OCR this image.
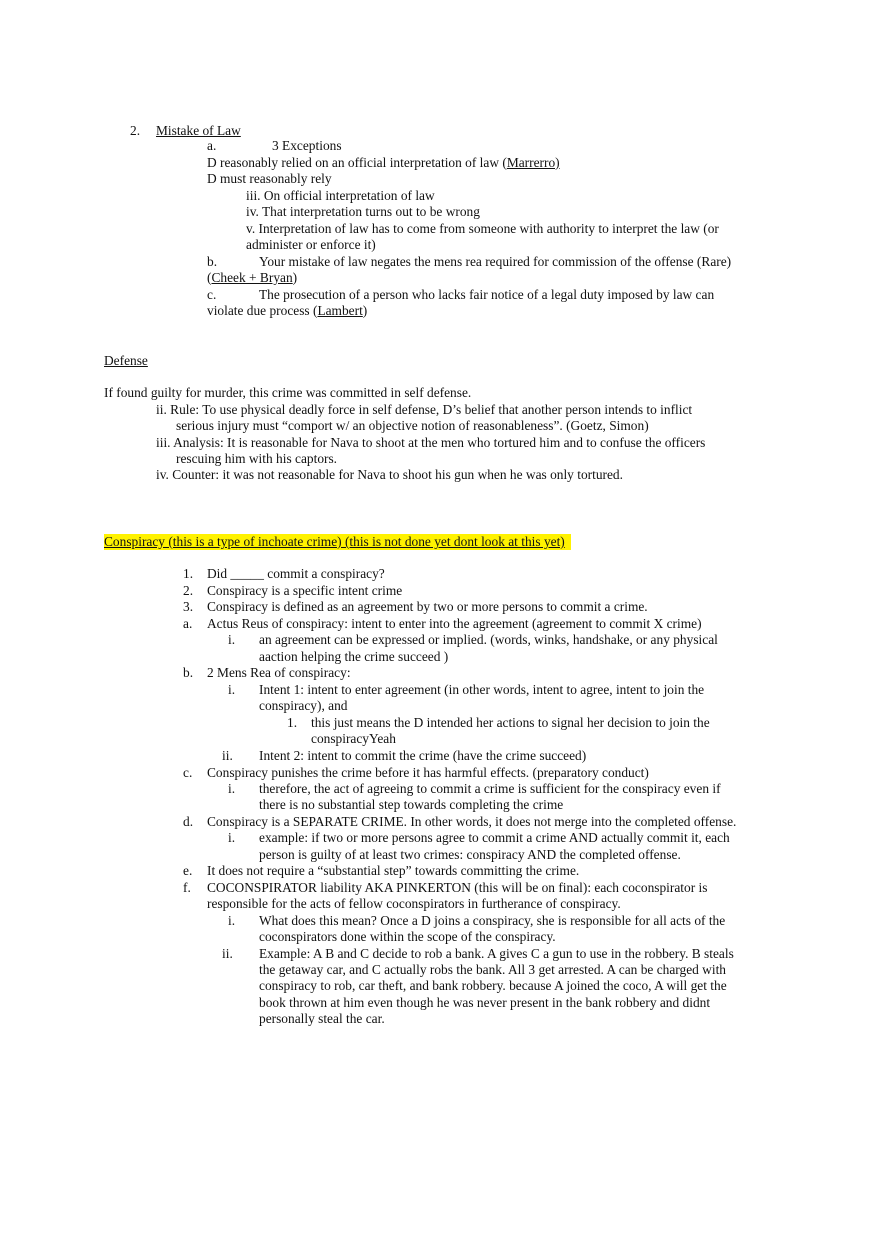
2. Mistake of Law
a.	3 Exceptions
D reasonably relied on an official interpretation of law (Marrerro)
D must reasonably rely
iii. On official interpretation of law
iv. That interpretation turns out to be wrong
v. Interpretation of law has to come from someone with authority to interpret the law (or
administer or enforce it)
b.	Your mistake of law negates the mens rea required for commission of the offense (Rare)
(Cheek + Bryan)
c.	The prosecution of a person who lacks fair notice of a legal duty imposed by law can
violate due process (Lambert)
Defense
If found guilty for murder, this crime was committed in self defense.
ii. Rule: To use physical deadly force in self defense, D’s belief that another person intends to inflict
serious injury must “comport w/ an objective notion of reasonableness”. (Goetz, Simon)
iii. Analysis: It is reasonable for Nava to shoot at the men who tortured him and to confuse the officers
rescuing him with his captors.
iv. Counter: it was not reasonable for Nava to shoot his gun when he was only tortured.
Conspiracy (this is a type of inchoate crime) (this is not done yet dont look at this yet)
1. Did _____ commit a conspiracy?
2. Conspiracy is a specific intent crime
3. Conspiracy is defined as an agreement by two or more persons to commit a crime.
a. Actus Reus of conspiracy: intent to enter into the agreement (agreement to commit X crime)
i. an agreement can be expressed or implied. (words, winks, handshake, or any physical
aaction helping the crime succeed )
b. 2 Mens Rea of conspiracy:
i. Intent 1: intent to enter agreement (in other words, intent to agree, intent to join the
conspiracy), and
1. this just means the D intended her actions to signal her decision to join the
conspiracyYeah
ii. Intent 2: intent to commit the crime (have the crime succeed)
c. Conspiracy punishes the crime before it has harmful effects. (preparatory conduct)
i. therefore, the act of agreeing to commit a crime is sufficient for the conspiracy even if
there is no substantial step towards completing the crime
d. Conspiracy is a SEPARATE CRIME. In other words, it does not merge into the completed offense.
i. example: if two or more persons agree to commit a crime AND actually commit it, each
person is guilty of at least two crimes: conspiracy AND the completed offense.
e. It does not require a “substantial step” towards committing the crime.
f. COCONSPIRATOR liability AKA PINKERTON (this will be on final): each coconspirator is
responsible for the acts of fellow coconspirators in furtherance of conspiracy.
i. What does this mean? Once a D joins a conspiracy, she is responsible for all acts of the
coconspirators done within the scope of the conspiracy.
ii. Example: A B and C decide to rob a bank. A gives C a gun to use in the robbery. B steals
the getaway car, and C actually robs the bank. All 3 get arrested. A can be charged with
conspiracy to rob, car theft, and bank robbery. because A joined the coco, A will get the
book thrown at him even though he was never present in the bank robbery and didnt
personally steal the car.
